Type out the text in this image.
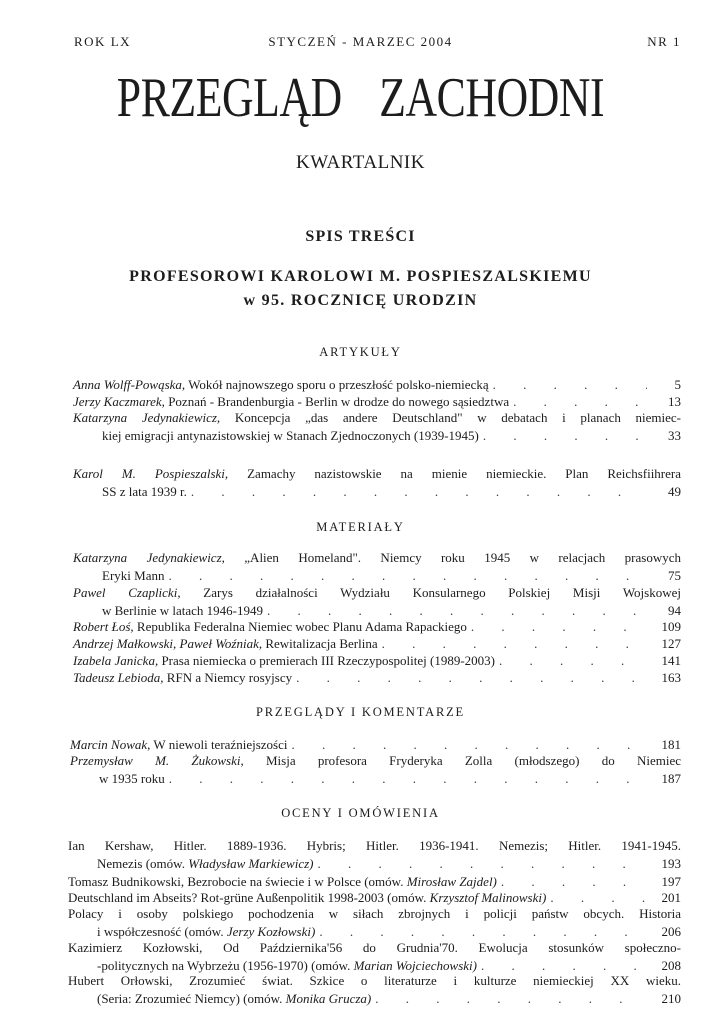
ROK LX	STYCZEŃ - MARZEC 2004	NR 1
PRZEGLĄD ZACHODNI
KWARTALNIK
SPIS TREŚCI
PROFESOROWI KAROLOWI M. POSPIESZALSKIEMU
w 95. ROCZNICĘ URODZIN
ARTYKUŁY
MATERIAŁY
PRZEGLĄDY I KOMENTARZE
OCENY I OMÓWIENIA
Anna Wolff-Powąska, Wokół najnowszego sporu o przeszłość polsko-niemiecką . . .	5
Jerzy Kaczmarek, Poznań - Brandenburgia - Berlin w drodze do nowego sąsiedztwa . . .	13
Katarzyna Jedynakiewicz, Koncepcja „das andere Deutschland" w debatach i planach niemiec-
kiej emigracji antynazistowskiej w Stanach Zjednoczonych (1939-1945) . . .	33
Karol M. Pospieszalski, Zamachy nazistowskie na mienie niemieckie. Plan Reichsfiihrera
SS z lata 1939 r. . . .	49
Katarzyna Jedynakiewicz, „Alien Homeland". Niemcy roku 1945 w relacjach prasowych
Eryki Mann . . .	75
Pawel Czaplicki, Zarys działalności Wydziału Konsularnego Polskiej Misji Wojskowej
w Berlinie w latach 1946-1949 . . .	94
Robert Łoś, Republika Federalna Niemiec wobec Planu Adama Rapackiego . . .	109
Andrzej Małkowski, Paweł Woźniak, Rewitalizacja Berlina . . .	127
Izabela Janicka, Prasa niemiecka o premierach III Rzeczypospolitej (1989-2003) . . .	141
Tadeusz Lebioda, RFN a Niemcy rosyjscy . . .	163
Marcin Nowak, W niewoli teraźniejszości . . .	181
Przemysław M. Żukowski, Misja profesora Fryderyka Zolla (młodszego) do Niemiec
w 1935 roku . . .	187
Ian Kershaw, Hitler. 1889-1936. Hybris; Hitler. 1936-1941. Nemezis; Hitler. 1941-1945.
Nemezis (omów. Władysław Markiewicz) . . .	193
Tomasz Budnikowski, Bezrobocie na świecie i w Polsce (omów. Mirosław Zajdel) . . .	197
Deutschland im Abseits? Rot-grüne Außenpolitik 1998-2003 (omów. Krzysztof Malinowski) . . .	201
Polacy i osoby polskiego pochodzenia w siłach zbrojnych i policji państw obcych. Historia
i współczesność (omów. Jerzy Kozłowski) . . .	206
Kazimierz Kozłowski, Od Października'56 do Grudnia'70. Ewolucja stosunków społeczno-
-politycznych na Wybrzeżu (1956-1970) (omów. Marian Wojciechowski) . . .	208
Hubert Orłowski, Zrozumieć świat. Szkice o literaturze i kulturze niemieckiej XX wieku.
(Seria: Zrozumieć Niemcy) (omów. Monika Grucza) . . .	210
